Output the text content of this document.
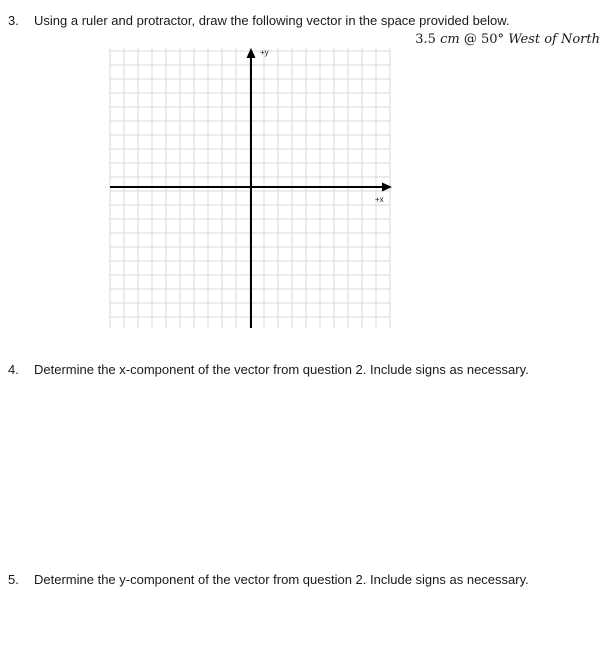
3. Using a ruler and protractor, draw the following vector in the space provided below.
3.5 cm @ 50° West of North
+y
+x
4. Determine the x-component of the vector from question 2. Include signs as necessary.
5. Determine the y-component of the vector from question 2. Include signs as necessary.
